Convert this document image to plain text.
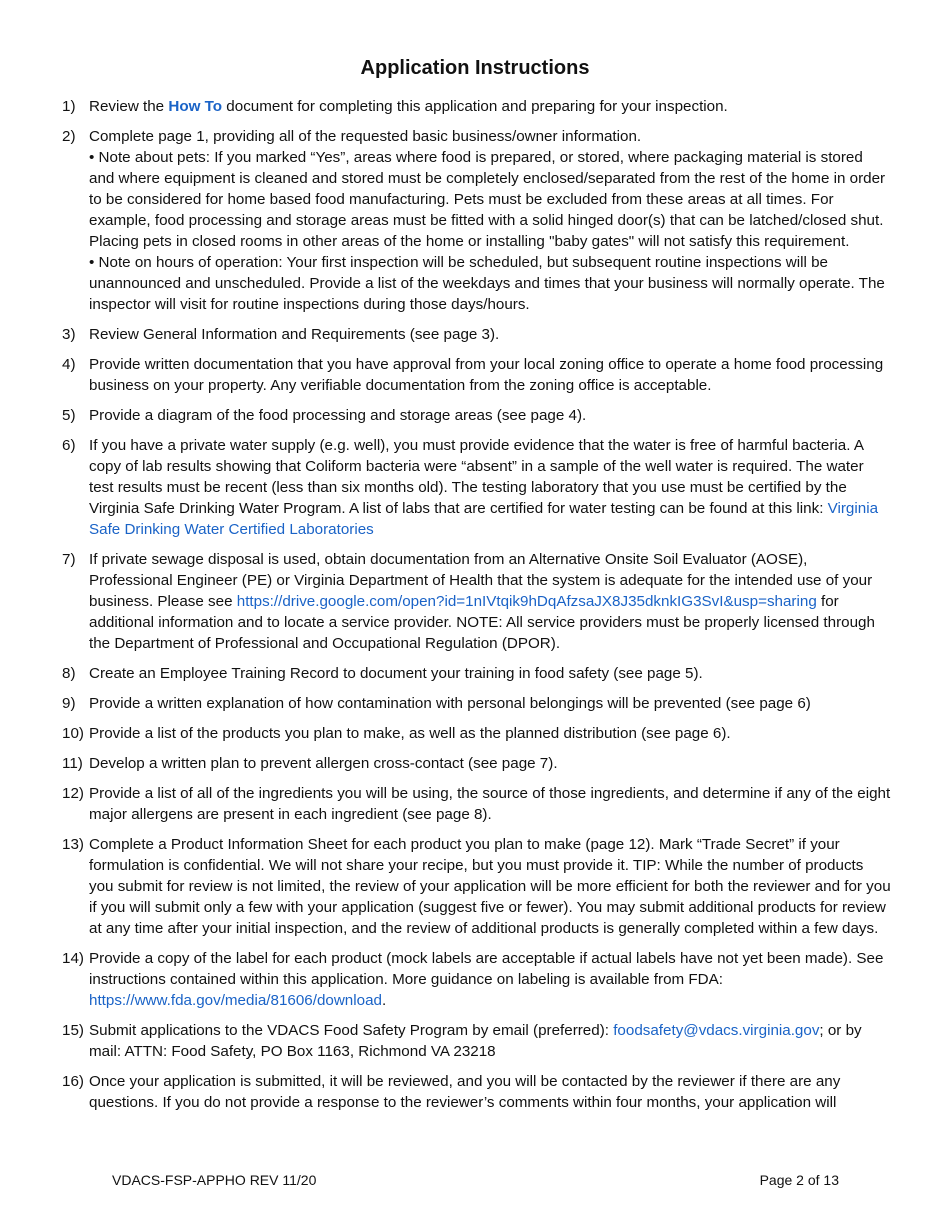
Application Instructions
1) Review the How To document for completing this application and preparing for your inspection.
2) Complete page 1, providing all of the requested basic business/owner information.
• Note about pets: If you marked “Yes”, areas where food is prepared, or stored, where packaging material is stored and where equipment is cleaned and stored must be completely enclosed/separated from the rest of the home in order to be considered for home based food manufacturing. Pets must be excluded from these areas at all times. For example, food processing and storage areas must be fitted with a solid hinged door(s) that can be latched/closed shut. Placing pets in closed rooms in other areas of the home or installing "baby gates" will not satisfy this requirement.
• Note on hours of operation: Your first inspection will be scheduled, but subsequent routine inspections will be unannounced and unscheduled. Provide a list of the weekdays and times that your business will normally operate. The inspector will visit for routine inspections during those days/hours.
3) Review General Information and Requirements (see page 3).
4) Provide written documentation that you have approval from your local zoning office to operate a home food processing business on your property. Any verifiable documentation from the zoning office is acceptable.
5) Provide a diagram of the food processing and storage areas (see page 4).
6) If you have a private water supply (e.g. well), you must provide evidence that the water is free of harmful bacteria. A copy of lab results showing that Coliform bacteria were “absent” in a sample of the well water is required. The water test results must be recent (less than six months old). The testing laboratory that you use must be certified by the Virginia Safe Drinking Water Program. A list of labs that are certified for water testing can be found at this link: Virginia Safe Drinking Water Certified Laboratories
7) If private sewage disposal is used, obtain documentation from an Alternative Onsite Soil Evaluator (AOSE), Professional Engineer (PE) or Virginia Department of Health that the system is adequate for the intended use of your business. Please see https://drive.google.com/open?id=1nIVtqik9hDqAfzsaJX8J35dknkIG3SvI&usp=sharing for additional information and to locate a service provider. NOTE: All service providers must be properly licensed through the Department of Professional and Occupational Regulation (DPOR).
8) Create an Employee Training Record to document your training in food safety (see page 5).
9) Provide a written explanation of how contamination with personal belongings will be prevented (see page 6)
10) Provide a list of the products you plan to make, as well as the planned distribution (see page 6).
11) Develop a written plan to prevent allergen cross-contact (see page 7).
12) Provide a list of all of the ingredients you will be using, the source of those ingredients, and determine if any of the eight major allergens are present in each ingredient (see page 8).
13) Complete a Product Information Sheet for each product you plan to make (page 12). Mark “Trade Secret” if your formulation is confidential. We will not share your recipe, but you must provide it. TIP: While the number of products you submit for review is not limited, the review of your application will be more efficient for both the reviewer and for you if you will submit only a few with your application (suggest five or fewer). You may submit additional products for review at any time after your initial inspection, and the review of additional products is generally completed within a few days.
14) Provide a copy of the label for each product (mock labels are acceptable if actual labels have not yet been made). See instructions contained within this application. More guidance on labeling is available from FDA: https://www.fda.gov/media/81606/download.
15) Submit applications to the VDACS Food Safety Program by email (preferred): foodsafety@vdacs.virginia.gov; or by mail: ATTN: Food Safety, PO Box 1163, Richmond VA 23218
16) Once your application is submitted, it will be reviewed, and you will be contacted by the reviewer if there are any questions. If you do not provide a response to the reviewer’s comments within four months, your application will
VDACS-FSP-APPHO REV 11/20	Page 2 of 13
